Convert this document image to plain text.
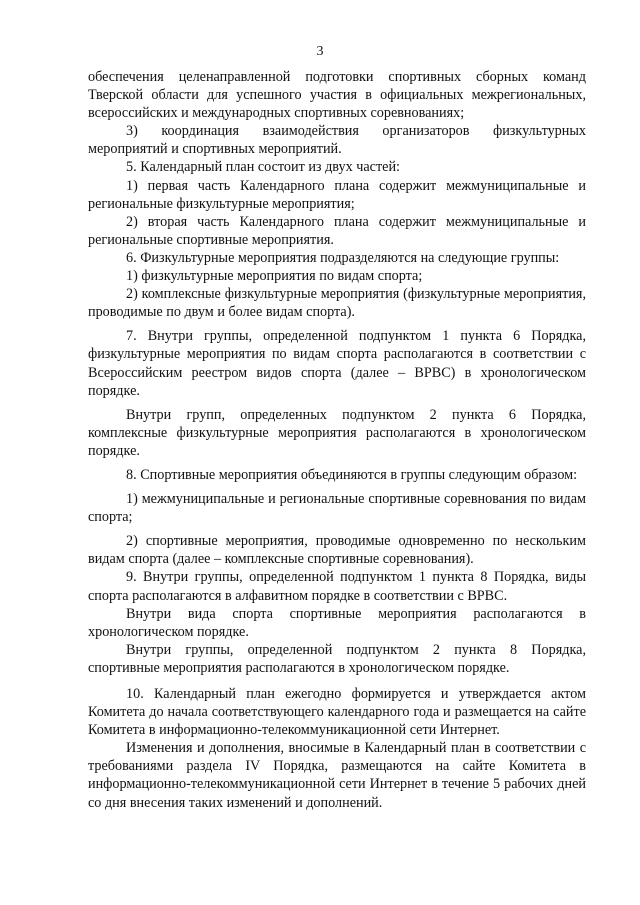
3

обеспечения целенаправленной подготовки спортивных сборных команд Тверской области для успешного участия в официальных межрегиональных, всероссийских и международных спортивных соревнованиях;

3) координация взаимодействия организаторов физкультурных мероприятий и спортивных мероприятий.

5. Календарный план состоит из двух частей:

1) первая часть Календарного плана содержит межмуниципальные и региональные физкультурные мероприятия;

2) вторая часть Календарного плана содержит межмуниципальные и региональные спортивные мероприятия.

6. Физкультурные мероприятия подразделяются на следующие группы:

1) физкультурные мероприятия по видам спорта;

2) комплексные физкультурные мероприятия (физкультурные мероприятия, проводимые по двум и более видам спорта).

7. Внутри группы, определенной подпунктом 1 пункта 6 Порядка, физкультурные мероприятия по видам спорта располагаются в соответствии с Всероссийским реестром видов спорта (далее – ВРВС) в хронологическом порядке.

Внутри групп, определенных подпунктом 2 пункта 6 Порядка, комплексные физкультурные мероприятия располагаются в хронологическом порядке.

8. Спортивные мероприятия объединяются в группы следующим образом:

1) межмуниципальные и региональные спортивные соревнования по видам спорта;

2) спортивные мероприятия, проводимые одновременно по нескольким видам спорта (далее – комплексные спортивные соревнования).

9. Внутри группы, определенной подпунктом 1 пункта 8 Порядка, виды спорта располагаются в алфавитном порядке в соответствии с ВРВС.

Внутри вида спорта спортивные мероприятия располагаются в хронологическом порядке.

Внутри группы, определенной подпунктом 2 пункта 8 Порядка, спортивные мероприятия располагаются в хронологическом порядке.

10. Календарный план ежегодно формируется и утверждается актом Комитета до начала соответствующего календарного года и размещается на сайте Комитета в информационно-телекоммуникационной сети Интернет.

Изменения и дополнения, вносимые в Календарный план в соответствии с требованиями раздела IV Порядка, размещаются на сайте Комитета в информационно-телекоммуникационной сети Интернет в течение 5 рабочих дней со дня внесения таких изменений и дополнений.
